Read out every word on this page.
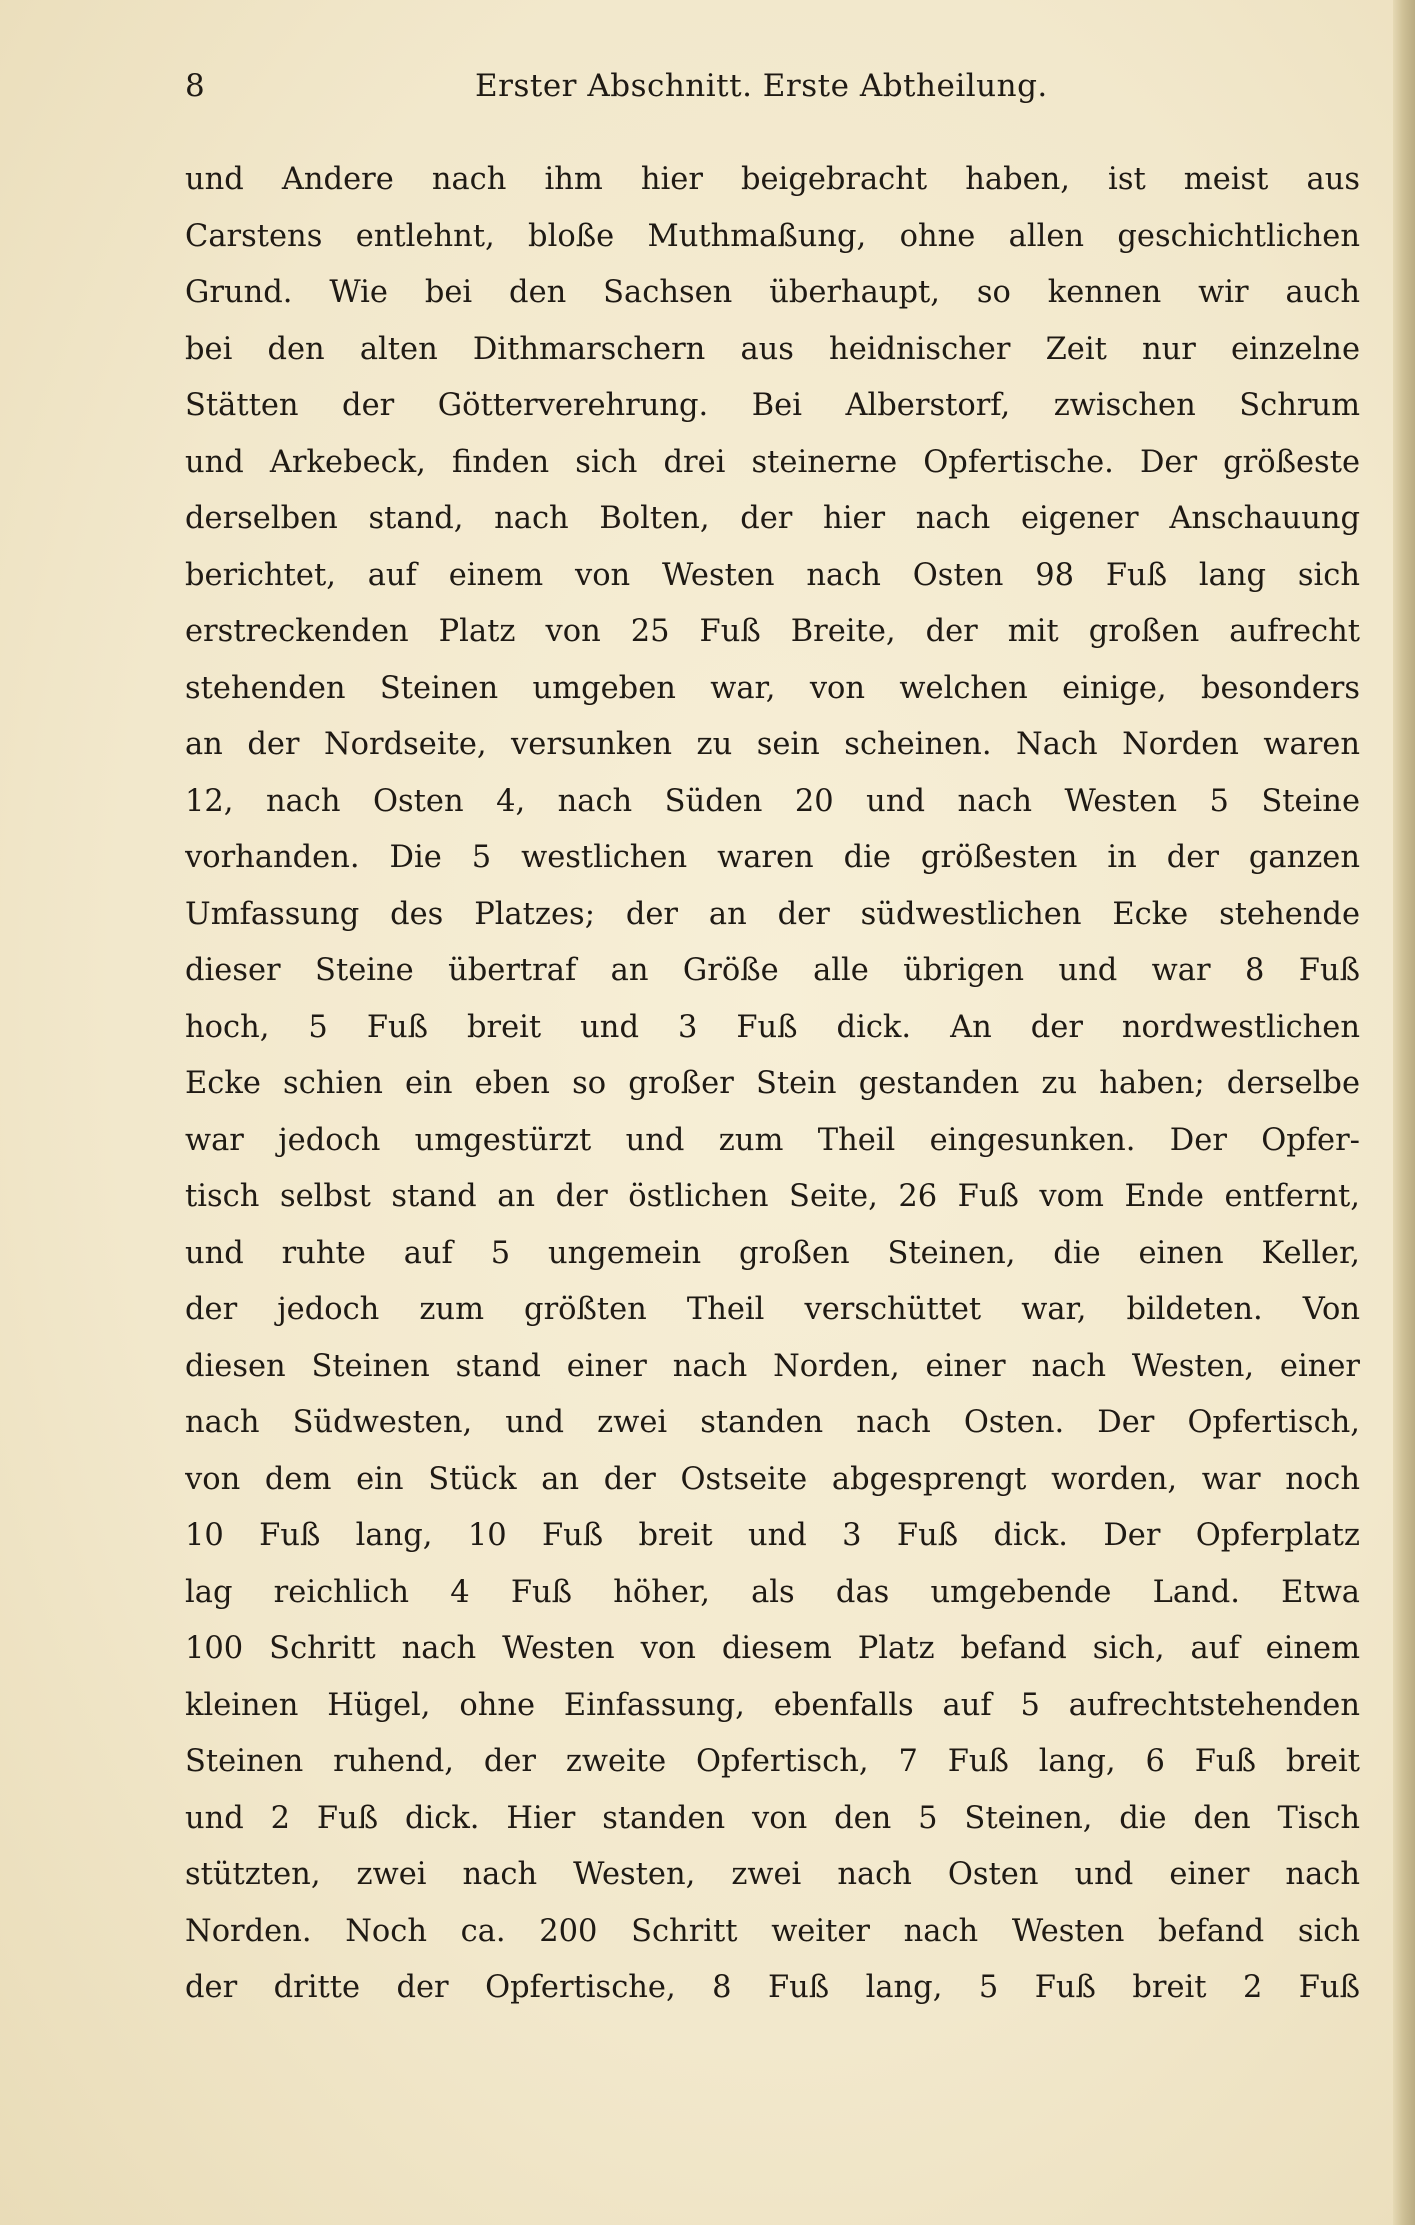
8	Erster Abschnitt. Erste Abtheilung.
und Andere nach ihm hier beigebracht haben, ist meist aus
Carstens entlehnt, bloße Muthmaßung, ohne allen geschichtlichen
Grund. Wie bei den Sachsen überhaupt, so kennen wir auch
bei den alten Dithmarschern aus heidnischer Zeit nur einzelne
Stätten der Götterverehrung. Bei Alberstorf, zwischen Schrum
und Arkebeck, finden sich drei steinerne Opfertische. Der größeste
derselben stand, nach Bolten, der hier nach eigener Anschauung
berichtet, auf einem von Westen nach Osten 98 Fuß lang sich
erstreckenden Platz von 25 Fuß Breite, der mit großen aufrecht
stehenden Steinen umgeben war, von welchen einige, besonders
an der Nordseite, versunken zu sein scheinen. Nach Norden waren
12, nach Osten 4, nach Süden 20 und nach Westen 5 Steine
vorhanden. Die 5 westlichen waren die größesten in der ganzen
Umfassung des Platzes; der an der südwestlichen Ecke stehende
dieser Steine übertraf an Größe alle übrigen und war 8 Fuß
hoch, 5 Fuß breit und 3 Fuß dick. An der nordwestlichen
Ecke schien ein eben so großer Stein gestanden zu haben; derselbe
war jedoch umgestürzt und zum Theil eingesunken. Der Opfer-
tisch selbst stand an der östlichen Seite, 26 Fuß vom Ende entfernt,
und ruhte auf 5 ungemein großen Steinen, die einen Keller,
der jedoch zum größten Theil verschüttet war, bildeten. Von
diesen Steinen stand einer nach Norden, einer nach Westen, einer
nach Südwesten, und zwei standen nach Osten. Der Opfertisch,
von dem ein Stück an der Ostseite abgesprengt worden, war noch
10 Fuß lang, 10 Fuß breit und 3 Fuß dick. Der Opferplatz
lag reichlich 4 Fuß höher, als das umgebende Land. Etwa
100 Schritt nach Westen von diesem Platz befand sich, auf einem
kleinen Hügel, ohne Einfassung, ebenfalls auf 5 aufrechtstehenden
Steinen ruhend, der zweite Opfertisch, 7 Fuß lang, 6 Fuß breit
und 2 Fuß dick. Hier standen von den 5 Steinen, die den Tisch
stützten, zwei nach Westen, zwei nach Osten und einer nach
Norden. Noch ca. 200 Schritt weiter nach Westen befand sich
der dritte der Opfertische, 8 Fuß lang, 5 Fuß breit 2 Fuß
